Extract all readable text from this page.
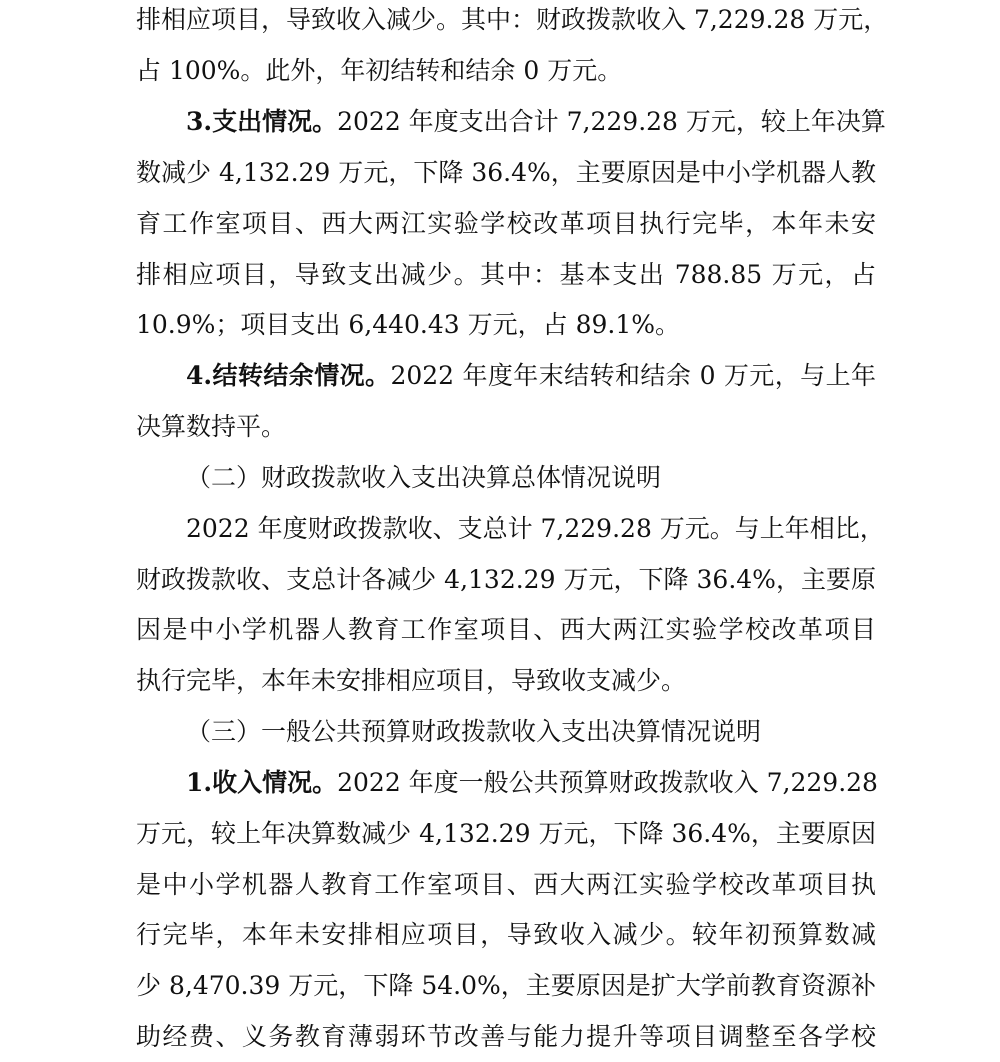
排相应项目，导致收入减少。其中：财政拨款收入 7,229.28 万元，
占 100%。此外，年初结转和结余 0 万元。
3.支出情况。2022 年度支出合计 7,229.28 万元，较上年决算
数减少 4,132.29 万元，下降 36.4%，主要原因是中小学机器人教
育工作室项目、西大两江实验学校改革项目执行完毕，本年未安
排相应项目，导致支出减少。其中：基本支出 788.85 万元，占
10.9%；项目支出 6,440.43 万元，占 89.1%。
4.结转结余情况。2022 年度年末结转和结余 0 万元，与上年
决算数持平。
（二）财政拨款收入支出决算总体情况说明
2022 年度财政拨款收、支总计 7,229.28 万元。与上年相比，
财政拨款收、支总计各减少 4,132.29 万元，下降 36.4%，主要原
因是中小学机器人教育工作室项目、西大两江实验学校改革项目
执行完毕，本年未安排相应项目，导致收支减少。
（三）一般公共预算财政拨款收入支出决算情况说明
1.收入情况。2022 年度一般公共预算财政拨款收入 7,229.28
万元，较上年决算数减少 4,132.29 万元，下降 36.4%，主要原因
是中小学机器人教育工作室项目、西大两江实验学校改革项目执
行完毕，本年未安排相应项目，导致收入减少。较年初预算数减
少 8,470.39 万元，下降 54.0%，主要原因是扩大学前教育资源补
助经费、义务教育薄弱环节改善与能力提升等项目调整至各学校
